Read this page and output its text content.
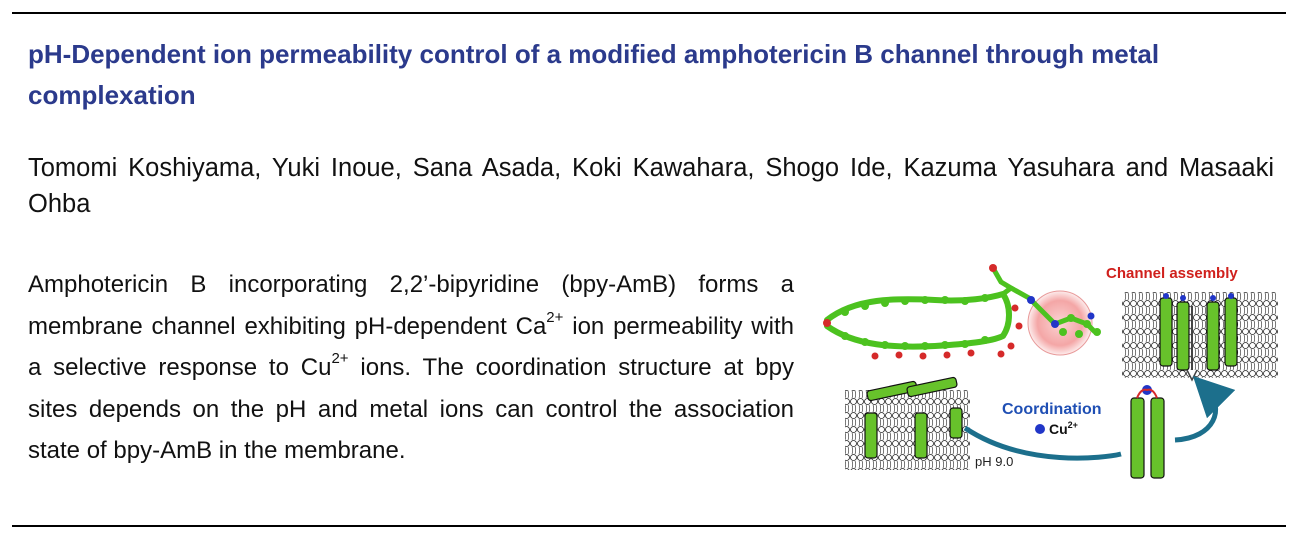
pH-Dependent ion permeability control of a modified amphotericin B channel through metal complexation

Tomomi Koshiyama, Yuki Inoue, Sana Asada, Koki Kawahara, Shogo Ide, Kazuma Yasuhara and Masaaki Ohba

Amphotericin B incorporating 2,2’-bipyridine (bpy-AmB) forms a membrane channel exhibiting pH-dependent $Ca^{2+}$ ion permeability with a selective response to $Cu^{2+}$ ions. The coordination structure at bpy sites depends on the pH and metal ions can control the association state of bpy-AmB in the membrane.

Channel assembly
pH 9.0
Coordination
$Cu^{2+}$
